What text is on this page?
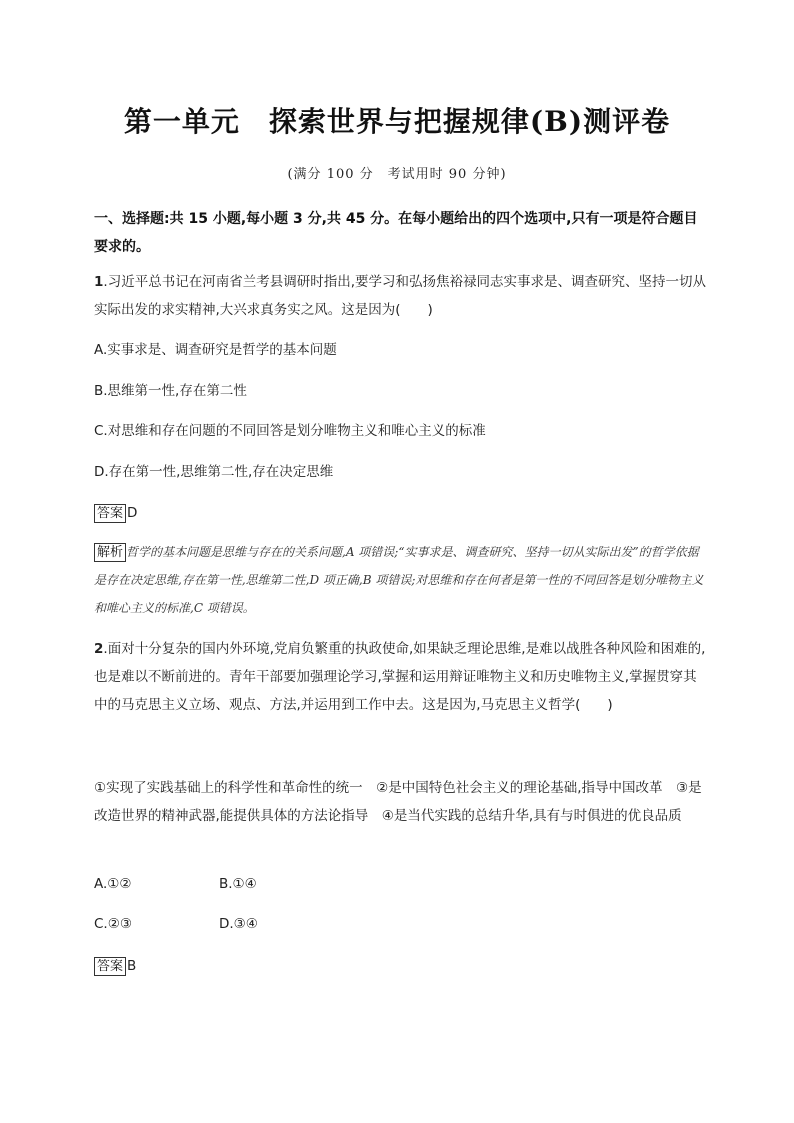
第一单元　探索世界与把握规律(B)测评卷
(满分 100 分　考试用时 90 分钟)
一、选择题:共 15 小题,每小题 3 分,共 45 分。在每小题给出的四个选项中,只有一项是符合题目要求的。
1.习近平总书记在河南省兰考县调研时指出,要学习和弘扬焦裕禄同志实事求是、调查研究、坚持一切从实际出发的求实精神,大兴求真务实之风。这是因为(　　)
A.实事求是、调查研究是哲学的基本问题
B.思维第一性,存在第二性
C.对思维和存在问题的不同回答是划分唯物主义和唯心主义的标准
D.存在第一性,思维第二性,存在决定思维
答案 D
解析 哲学的基本问题是思维与存在的关系问题,A 项错误;“实事求是、调查研究、坚持一切从实际出发”的哲学依据是存在决定思维,存在第一性,思维第二性,D 项正确,B 项错误;对思维和存在何者是第一性的不同回答是划分唯物主义和唯心主义的标准,C 项错误。
2.面对十分复杂的国内外环境,党肩负繁重的执政使命,如果缺乏理论思维,是难以战胜各种风险和困难的,也是难以不断前进的。青年干部要加强理论学习,掌握和运用辩证唯物主义和历史唯物主义,掌握贯穿其中的马克思主义立场、观点、方法,并运用到工作中去。这是因为,马克思主义哲学(　　)
①实现了实践基础上的科学性和革命性的统一　②是中国特色社会主义的理论基础,指导中国改革　③是改造世界的精神武器,能提供具体的方法论指导　④是当代实践的总结升华,具有与时俱进的优良品质
A.①②	B.①④
C.②③	D.③④
答案 B
